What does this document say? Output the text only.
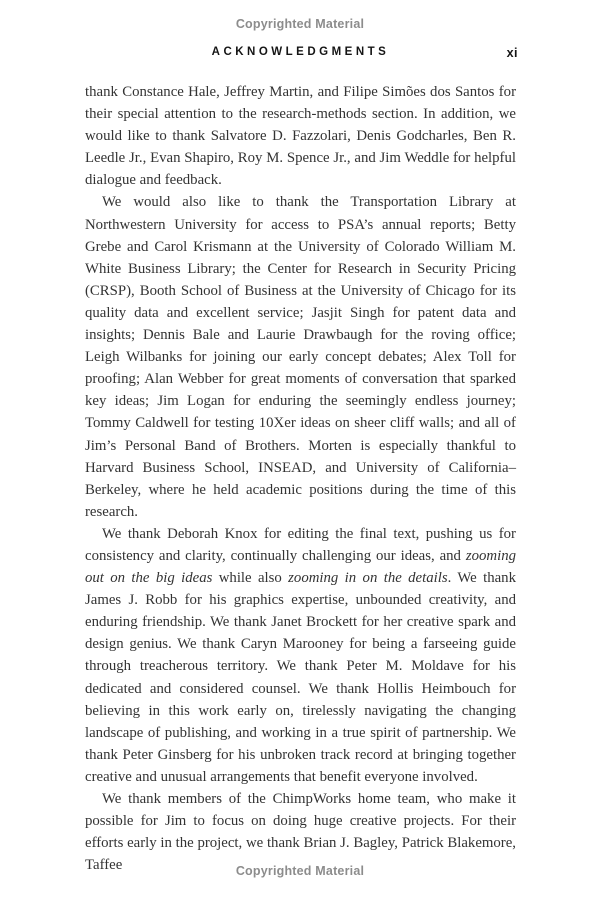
Copyrighted Material
ACKNOWLEDGMENTS	xi

thank Constance Hale, Jeffrey Martin, and Filipe Simões dos Santos for their special attention to the research-methods section. In addition, we would like to thank Salvatore D. Fazzolari, Denis Godcharles, Ben R. Leedle Jr., Evan Shapiro, Roy M. Spence Jr., and Jim Weddle for helpful dialogue and feedback.

We would also like to thank the Transportation Library at Northwestern University for access to PSA’s annual reports; Betty Grebe and Carol Krismann at the University of Colorado William M. White Business Library; the Center for Research in Security Pricing (CRSP), Booth School of Business at the University of Chicago for its quality data and excellent service; Jasjit Singh for patent data and insights; Dennis Bale and Laurie Drawbaugh for the roving office; Leigh Wilbanks for joining our early concept debates; Alex Toll for proofing; Alan Webber for great moments of conversation that sparked key ideas; Jim Logan for enduring the seemingly endless journey; Tommy Caldwell for testing 10Xer ideas on sheer cliff walls; and all of Jim’s Personal Band of Brothers. Morten is especially thankful to Harvard Business School, INSEAD, and University of California–Berkeley, where he held academic positions during the time of this research.

We thank Deborah Knox for editing the final text, pushing us for consistency and clarity, continually challenging our ideas, and zooming out on the big ideas while also zooming in on the details. We thank James J. Robb for his graphics expertise, unbounded creativity, and enduring friendship. We thank Janet Brockett for her creative spark and design genius. We thank Caryn Marooney for being a farseeing guide through treacherous territory. We thank Peter M. Moldave for his dedicated and considered counsel. We thank Hollis Heimbouch for believing in this work early on, tirelessly navigating the changing landscape of publishing, and working in a true spirit of partnership. We thank Peter Ginsberg for his unbroken track record at bringing together creative and unusual arrangements that benefit everyone involved.

We thank members of the ChimpWorks home team, who make it possible for Jim to focus on doing huge creative projects. For their efforts early in the project, we thank Brian J. Bagley, Patrick Blakemore, Taffee	Copyrighted Material
